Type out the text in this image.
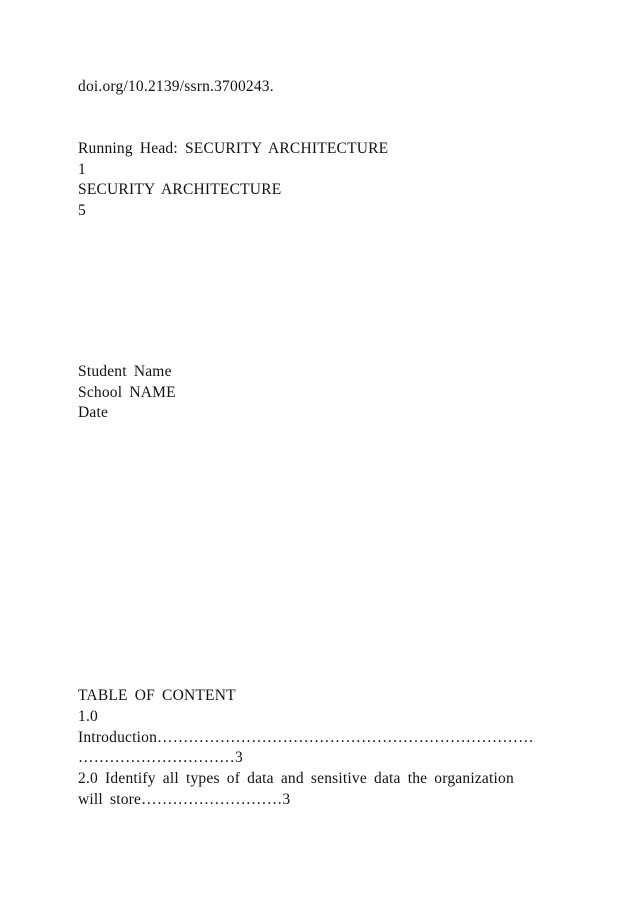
doi.org/10.2139/ssrn.3700243.
Running Head: SECURITY ARCHITECTURE
1
SECURITY ARCHITECTURE
5
Student Name
School NAME
Date
TABLE OF CONTENT
1.0
Introduction………………………………………………………………
…………………………3
2.0 Identify all types of data and sensitive data the organization
will store………………………3
